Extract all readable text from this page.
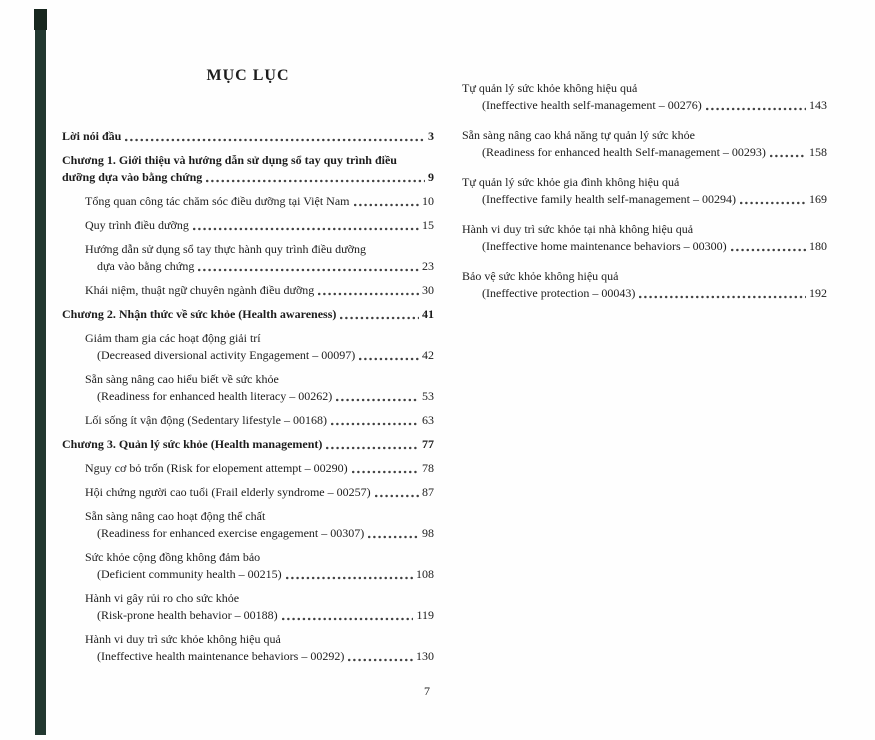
MỤC LỤC
Lời nói đầu	3
Chương 1. Giới thiệu và hướng dẫn sử dụng sổ tay quy trình điều
dưỡng dựa vào bằng chứng	9
Tổng quan công tác chăm sóc điều dưỡng tại Việt Nam	10
Quy trình điều dưỡng	15
Hướng dẫn sử dụng sổ tay thực hành quy trình điều dưỡng
dựa vào bằng chứng	23
Khái niệm, thuật ngữ chuyên ngành điều dưỡng	30
Chương 2. Nhận thức về sức khỏe (Health awareness)	41
Giảm tham gia các hoạt động giải trí
(Decreased diversional activity Engagement – 00097)	42
Sẵn sàng nâng cao hiểu biết về sức khỏe
(Readiness for enhanced health literacy – 00262)	53
Lối sống ít vận động (Sedentary lifestyle – 00168)	63
Chương 3. Quản lý sức khỏe (Health management)	77
Nguy cơ bỏ trốn (Risk for elopement attempt – 00290)	78
Hội chứng người cao tuổi (Frail elderly syndrome – 00257)	87
Sẵn sàng nâng cao hoạt động thể chất
(Readiness for enhanced exercise engagement – 00307)	98
Sức khỏe cộng đồng không đảm bảo
(Deficient community health – 00215)	108
Hành vi gây rủi ro cho sức khỏe
(Risk-prone health behavior – 00188)	119
Hành vi duy trì sức khỏe không hiệu quả
(Ineffective health maintenance behaviors – 00292)	130
Tự quản lý sức khỏe không hiệu quả
(Ineffective health self-management – 00276)	143
Sẵn sàng nâng cao khả năng tự quản lý sức khỏe
(Readiness for enhanced health Self-management – 00293)	158
Tự quản lý sức khỏe gia đình không hiệu quả
(Ineffective family health self-management – 00294)	169
Hành vi duy trì sức khỏe tại nhà không hiệu quả
(Ineffective home maintenance behaviors – 00300)	180
Bảo vệ sức khỏe không hiệu quả
(Ineffective protection – 00043)	192
7
